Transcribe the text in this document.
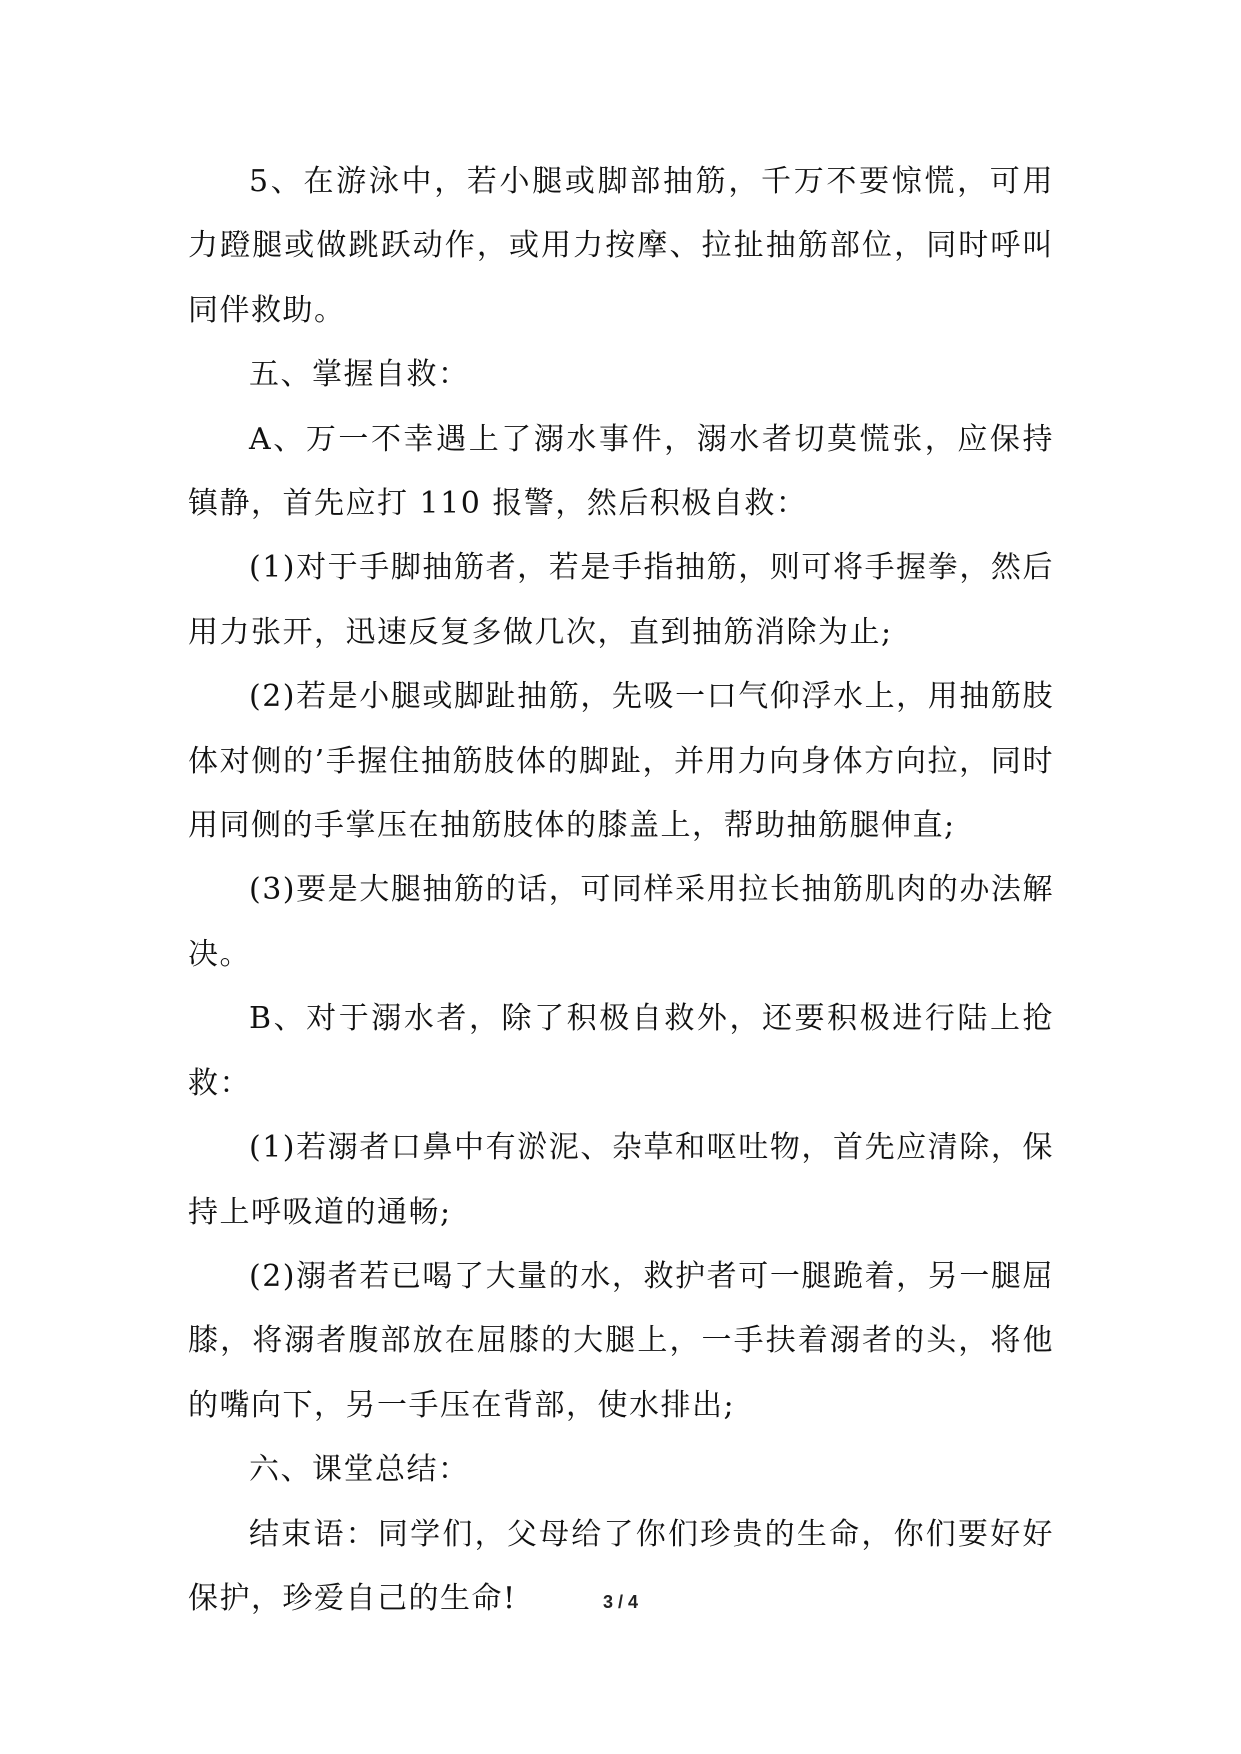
5、在游泳中，若小腿或脚部抽筋，千万不要惊慌，可用力蹬腿或做跳跃动作，或用力按摩、拉扯抽筋部位，同时呼叫同伴救助。

五、掌握自救：

A、万一不幸遇上了溺水事件，溺水者切莫慌张，应保持镇静，首先应打 110 报警，然后积极自救：

(1)对于手脚抽筋者，若是手指抽筋，则可将手握拳，然后用力张开，迅速反复多做几次，直到抽筋消除为止;

(2)若是小腿或脚趾抽筋，先吸一口气仰浮水上，用抽筋肢体对侧的’手握住抽筋肢体的脚趾，并用力向身体方向拉，同时用同侧的手掌压在抽筋肢体的膝盖上，帮助抽筋腿伸直;

(3)要是大腿抽筋的话，可同样采用拉长抽筋肌肉的办法解决。

B、对于溺水者，除了积极自救外，还要积极进行陆上抢救：

(1)若溺者口鼻中有淤泥、杂草和呕吐物，首先应清除，保持上呼吸道的通畅;

(2)溺者若已喝了大量的水，救护者可一腿跪着，另一腿屈膝，将溺者腹部放在屈膝的大腿上，一手扶着溺者的头，将他的嘴向下，另一手压在背部，使水排出;

六、课堂总结：

结束语：同学们，父母给了你们珍贵的生命，你们要好好保护，珍爱自己的生命!	3 / 4
